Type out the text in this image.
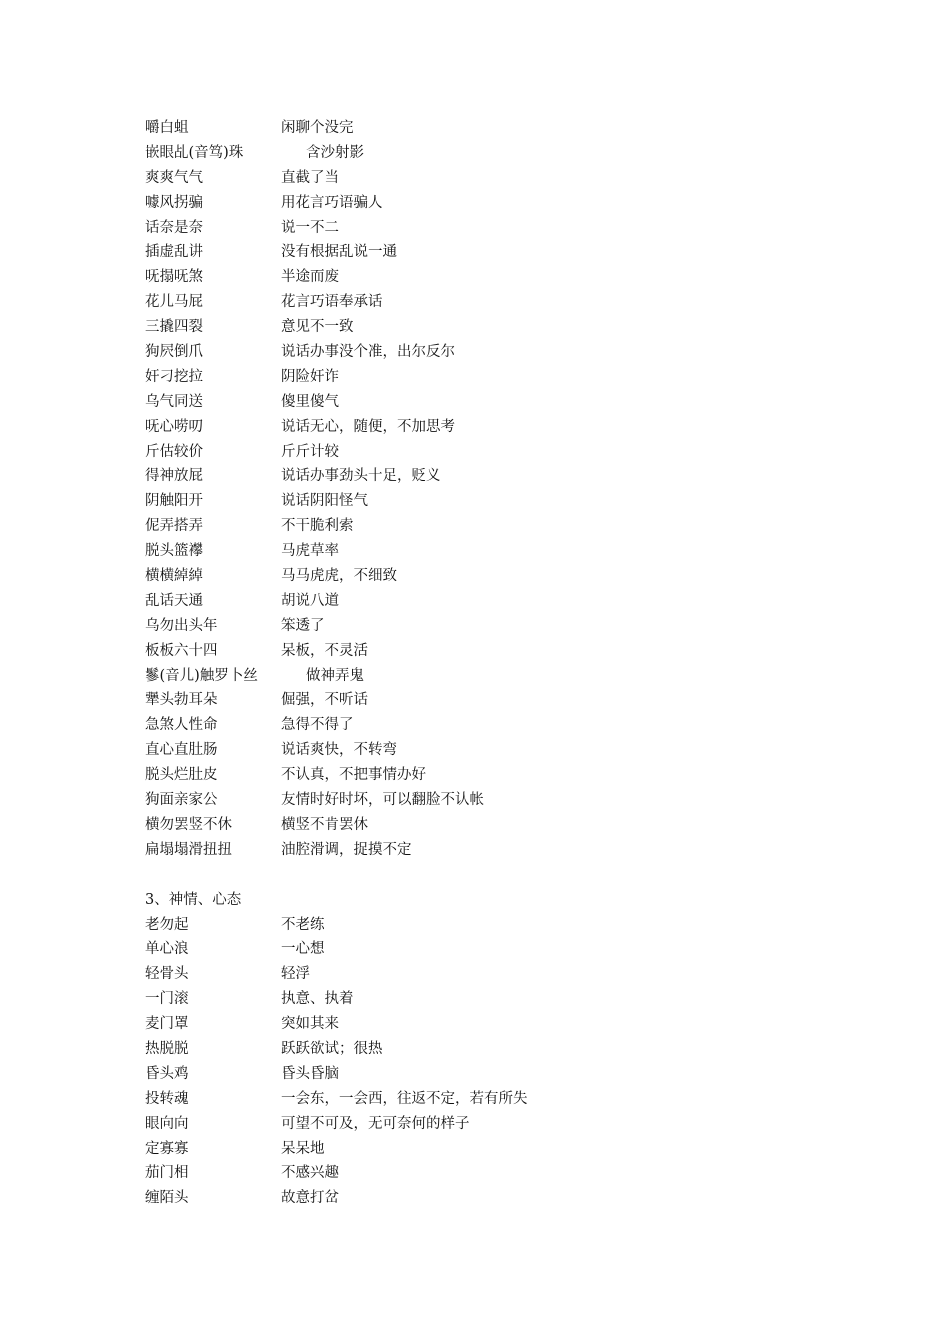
嚼白蛆	闲聊个没完
嵌眼乩(音笃)珠	含沙射影
爽爽气气	直截了当
噱风拐骗	用花言巧语骗人
话奈是奈	说一不二
插虚乱讲	没有根据乱说一通
呒搨呒煞	半途而废
花儿马屁	花言巧语奉承话
三撬四裂	意见不一致
狗屄倒爪	说话办事没个准，出尔反尔
奸刁挖拉	阴险奸诈
乌气同送	傻里傻气
呒心唠叨	说话无心，随便，不加思考
斤估较价	斤斤计较
得神放屁	说话办事劲头十足，贬义
阴触阳开	说话阴阳怪气
伲弄搭弄	不干脆利索
脱头篮襻	马虎草率
横横綽綽	马马虎虎，不细致
乱话天通	胡说八道
乌勿出头年	笨透了
板板六十四	呆板，不灵活
鬖(音儿)触罗卜丝	做神弄鬼
犟头勃耳朵	倔强，不听话
急煞人性命	急得不得了
直心直肚肠	说话爽快，不转弯
脱头烂肚皮	不认真，不把事情办好
狗面亲家公	友情时好时坏，可以翻脸不认帐
横勿罢竖不休	横竖不肯罢休
扁塌塌滑扭扭	油腔滑调，捉摸不定
3、神情、心态
老勿起	不老练
单心浪	一心想
轻骨头	轻浮
一门滚	执意、执着
麦门罩	突如其来
热脱脱	跃跃欲试；很热
昏头鸡	昏头昏脑
投转魂	一会东，一会西，往返不定，若有所失
眼向向	可望不可及，无可奈何的样子
定寡寡	呆呆地
茄门相	不感兴趣
缠陌头	故意打岔
